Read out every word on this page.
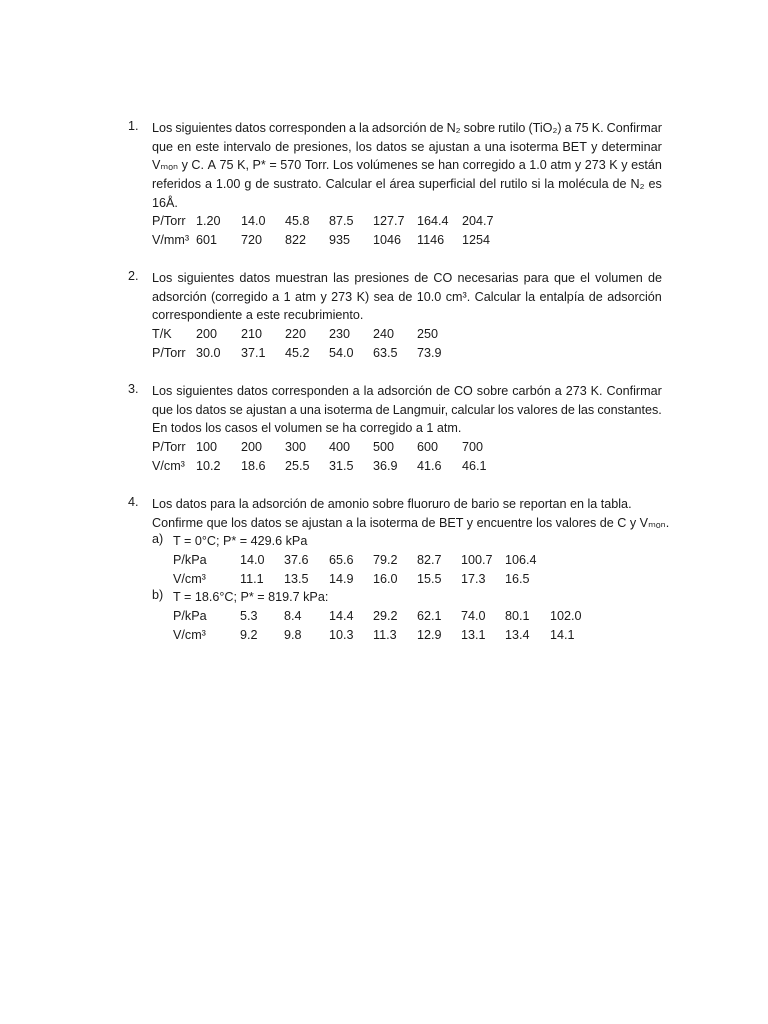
1. Los siguientes datos corresponden a la adsorción de N₂ sobre rutilo (TiO₂) a 75 K. Confirmar
que en este intervalo de presiones, los datos se ajustan a una isoterma BET y determinar
Vₘₒₙ y C. A 75 K, P* = 570 Torr. Los volúmenes se han corregido a 1.0 atm y 273 K y están
referidos a 1.00 g de sustrato. Calcular el área superficial del rutilo si la molécula de N₂ es
16Å.
P/Torr	1.20	14.0	45.8	87.5	127.7	164.4	204.7
V/mm³	601	720	822	935	1046	1146	1254
2. Los siguientes datos muestran las presiones de CO necesarias para que el volumen de
adsorción (corregido a 1 atm y 273 K) sea de 10.0 cm³. Calcular la entalpía de adsorción
correspondiente a este recubrimiento.
T/K	200	210	220	230	240	250
P/Torr	30.0	37.1	45.2	54.0	63.5	73.9
3. Los siguientes datos corresponden a la adsorción de CO sobre carbón a 273 K. Confirmar
que los datos se ajustan a una isoterma de Langmuir, calcular los valores de las constantes.
En todos los casos el volumen se ha corregido a 1 atm.
P/Torr	100	200	300	400	500	600	700
V/cm³	10.2	18.6	25.5	31.5	36.9	41.6	46.1
4. Los datos para la adsorción de amonio sobre fluoruro de bario se reportan en la tabla.
Confirme que los datos se ajustan a la isoterma de BET y encuentre los valores de C y Vₘₒₙ.
a) T = 0°C; P* = 429.6 kPa
P/kPa	14.0	37.6	65.6	79.2	82.7	100.7	106.4
V/cm³	11.1	13.5	14.9	16.0	15.5	17.3	16.5
b) T = 18.6°C; P* = 819.7 kPa:
P/kPa	5.3	8.4	14.4	29.2	62.1	74.0	80.1	102.0
V/cm³	9.2	9.8	10.3	11.3	12.9	13.1	13.4	14.1
